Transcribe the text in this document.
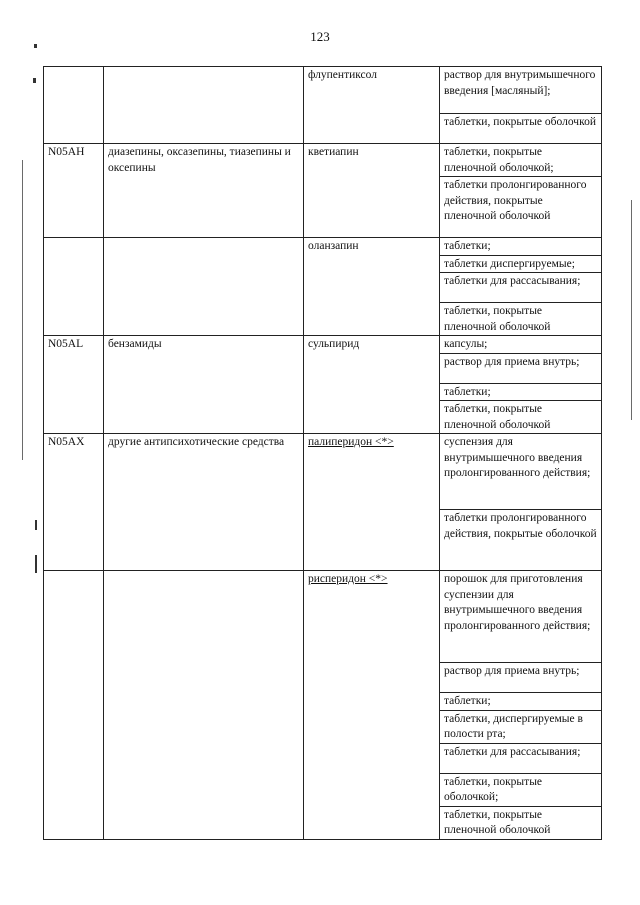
123
		флупентиксол	раствор для внутримышечного введения [масляный];
			таблетки, покрытые оболочкой
N05AH	диазепины, оксазепины, тиазепины и оксепины	кветиапин	таблетки, покрытые пленочной оболочкой;
			таблетки пролонгированного действия, покрытые пленочной оболочкой
		оланзапин	таблетки;
			таблетки диспергируемые;
			таблетки для рассасывания;
			таблетки, покрытые пленочной оболочкой
N05AL	бензамиды	сульпирид	капсулы;
			раствор для приема внутрь;
			таблетки;
			таблетки, покрытые пленочной оболочкой
N05AX	другие антипсихотические средства	палиперидон <*>	суспензия для внутримышечного введения пролонгированного действия;
			таблетки пролонгированного действия, покрытые оболочкой
		рисперидон <*>	порошок для приготовления суспензии для внутримышечного введения пролонгированного действия;
			раствор для приема внутрь;
			таблетки;
			таблетки, диспергируемые в полости рта;
			таблетки для рассасывания;
			таблетки, покрытые оболочкой;
			таблетки, покрытые пленочной оболочкой
